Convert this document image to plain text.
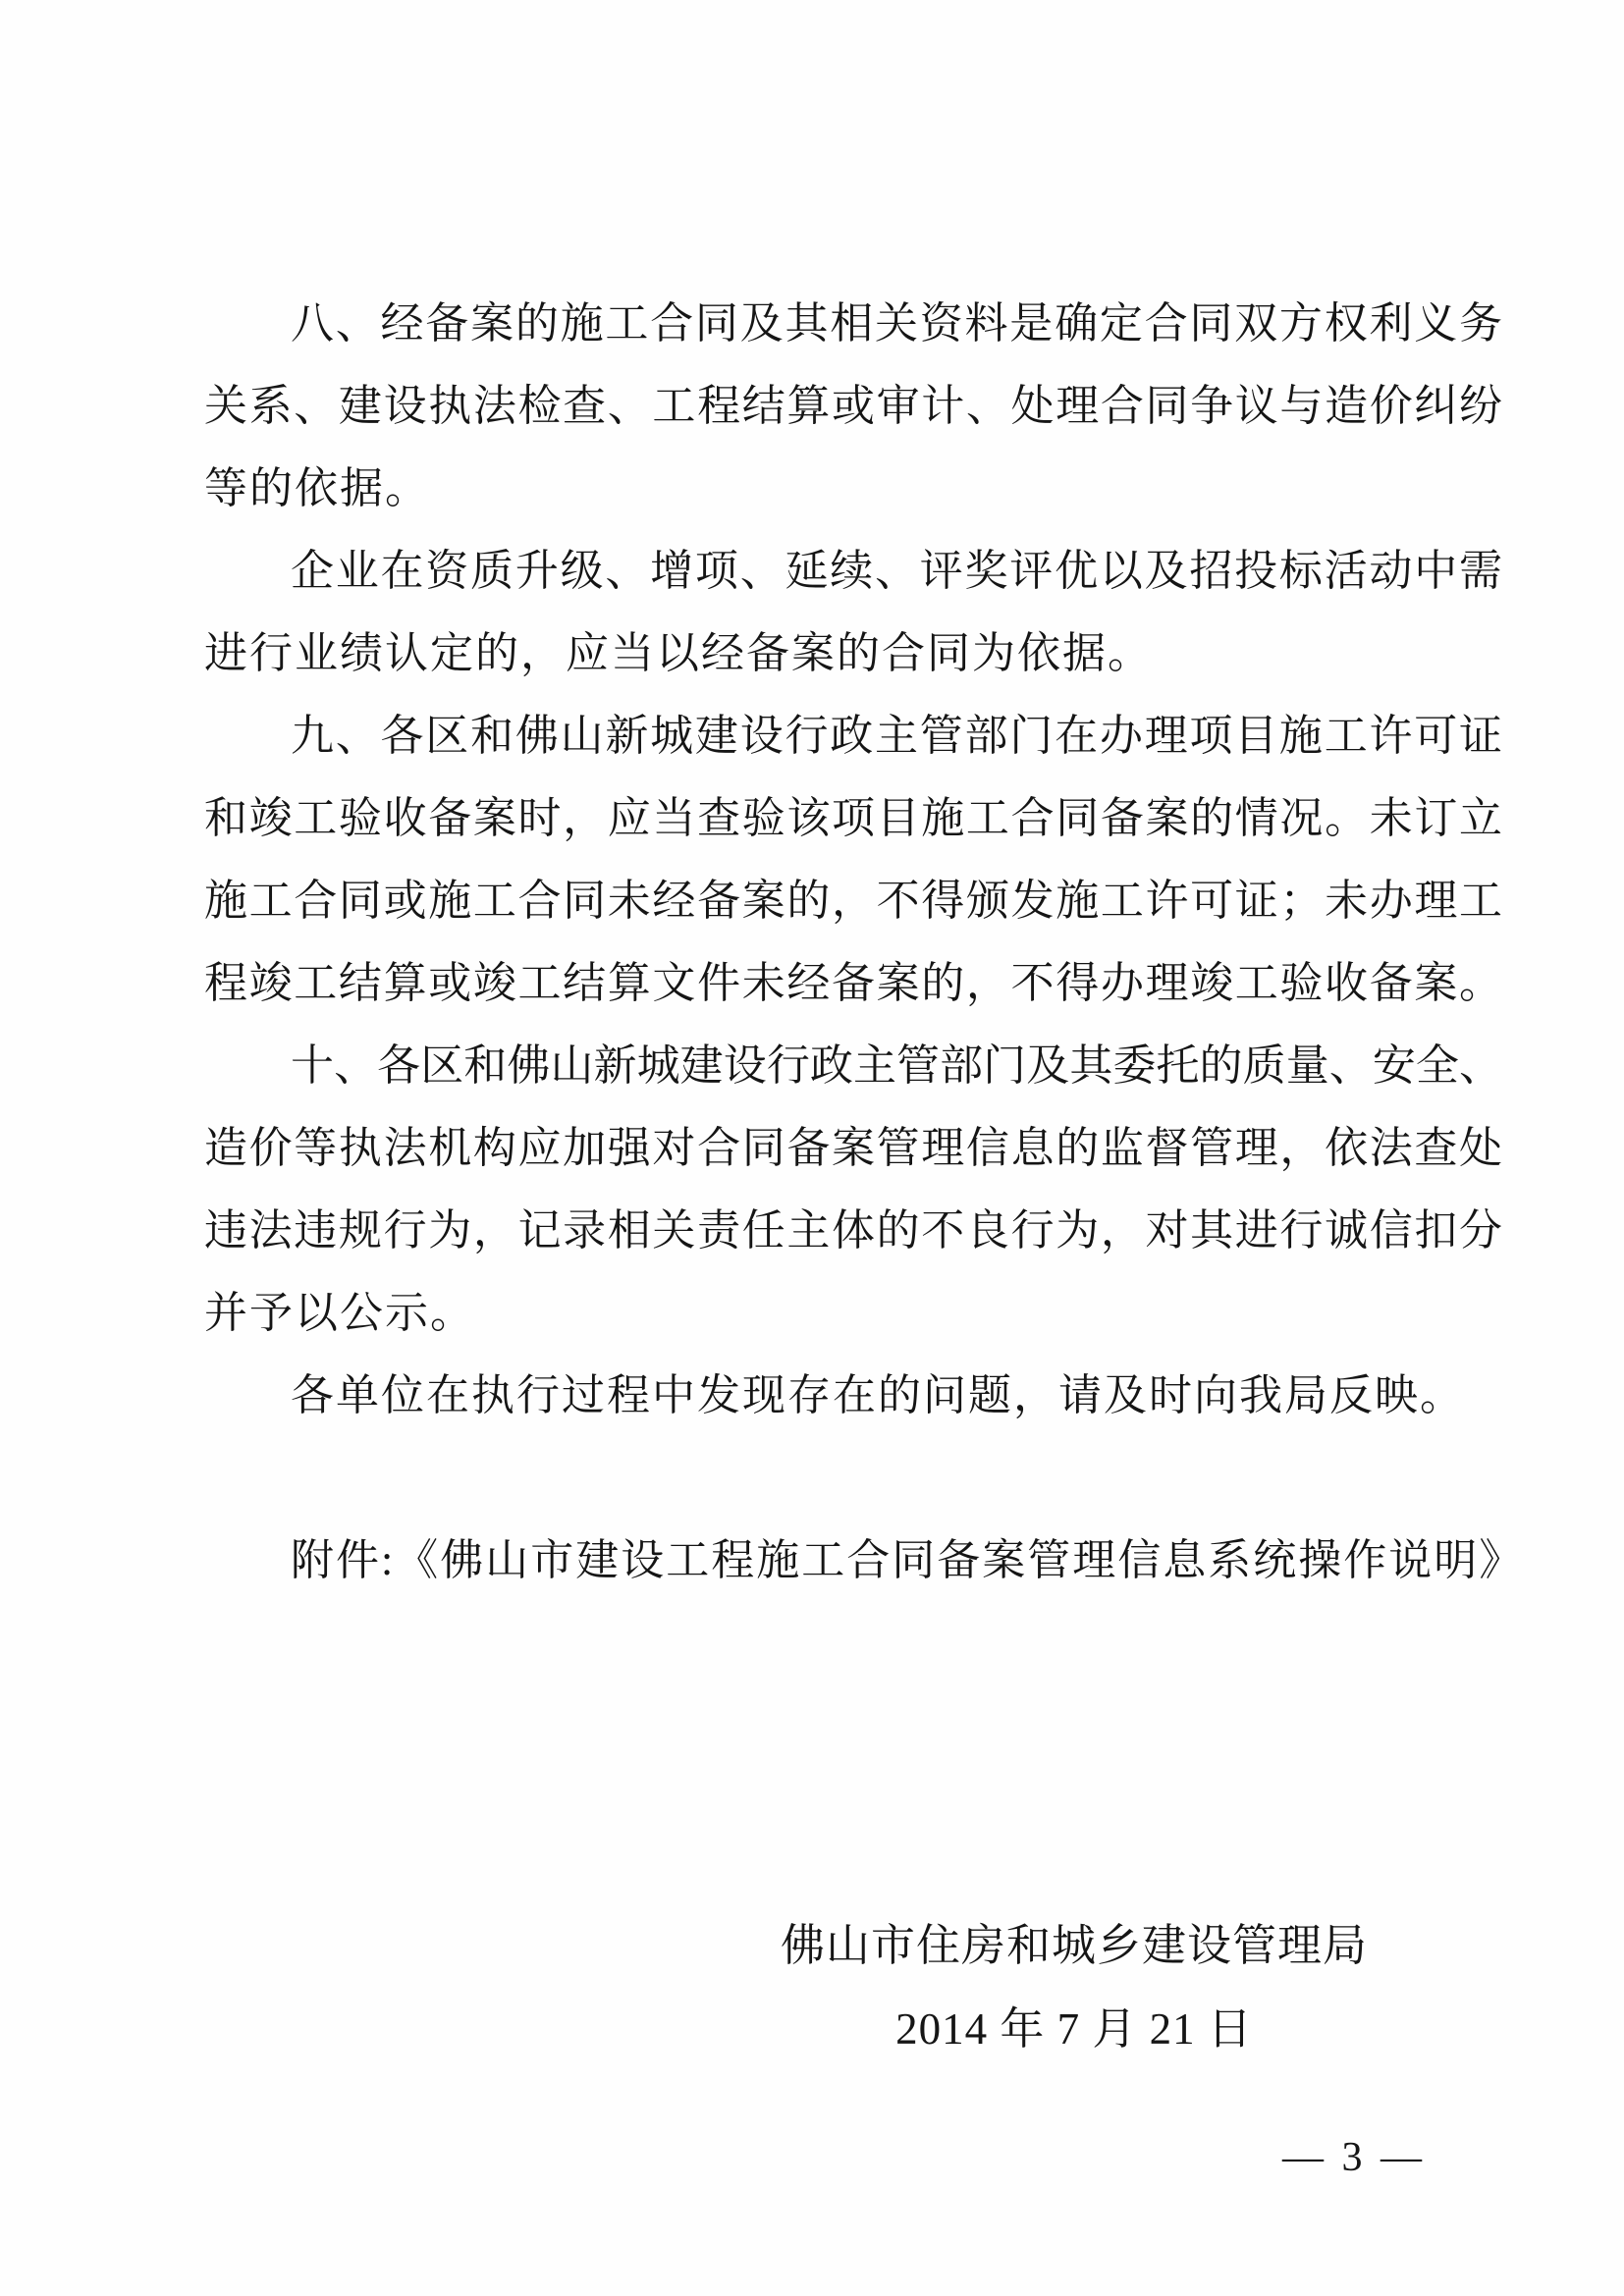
八、经备案的施工合同及其相关资料是确定合同双方权利义务
关系、建设执法检查、工程结算或审计、处理合同争议与造价纠纷
等的依据。
企业在资质升级、增项、延续、评奖评优以及招投标活动中需
进行业绩认定的，应当以经备案的合同为依据。
九、各区和佛山新城建设行政主管部门在办理项目施工许可证
和竣工验收备案时，应当查验该项目施工合同备案的情况。未订立
施工合同或施工合同未经备案的，不得颁发施工许可证；未办理工
程竣工结算或竣工结算文件未经备案的，不得办理竣工验收备案。
十、各区和佛山新城建设行政主管部门及其委托的质量、安全、
造价等执法机构应加强对合同备案管理信息的监督管理，依法查处
违法违规行为，记录相关责任主体的不良行为，对其进行诚信扣分
并予以公示。
各单位在执行过程中发现存在的问题，请及时向我局反映。
附件:《佛山市建设工程施工合同备案管理信息系统操作说明》
佛山市住房和城乡建设管理局
2014 年 7 月 21 日
— 3 —
